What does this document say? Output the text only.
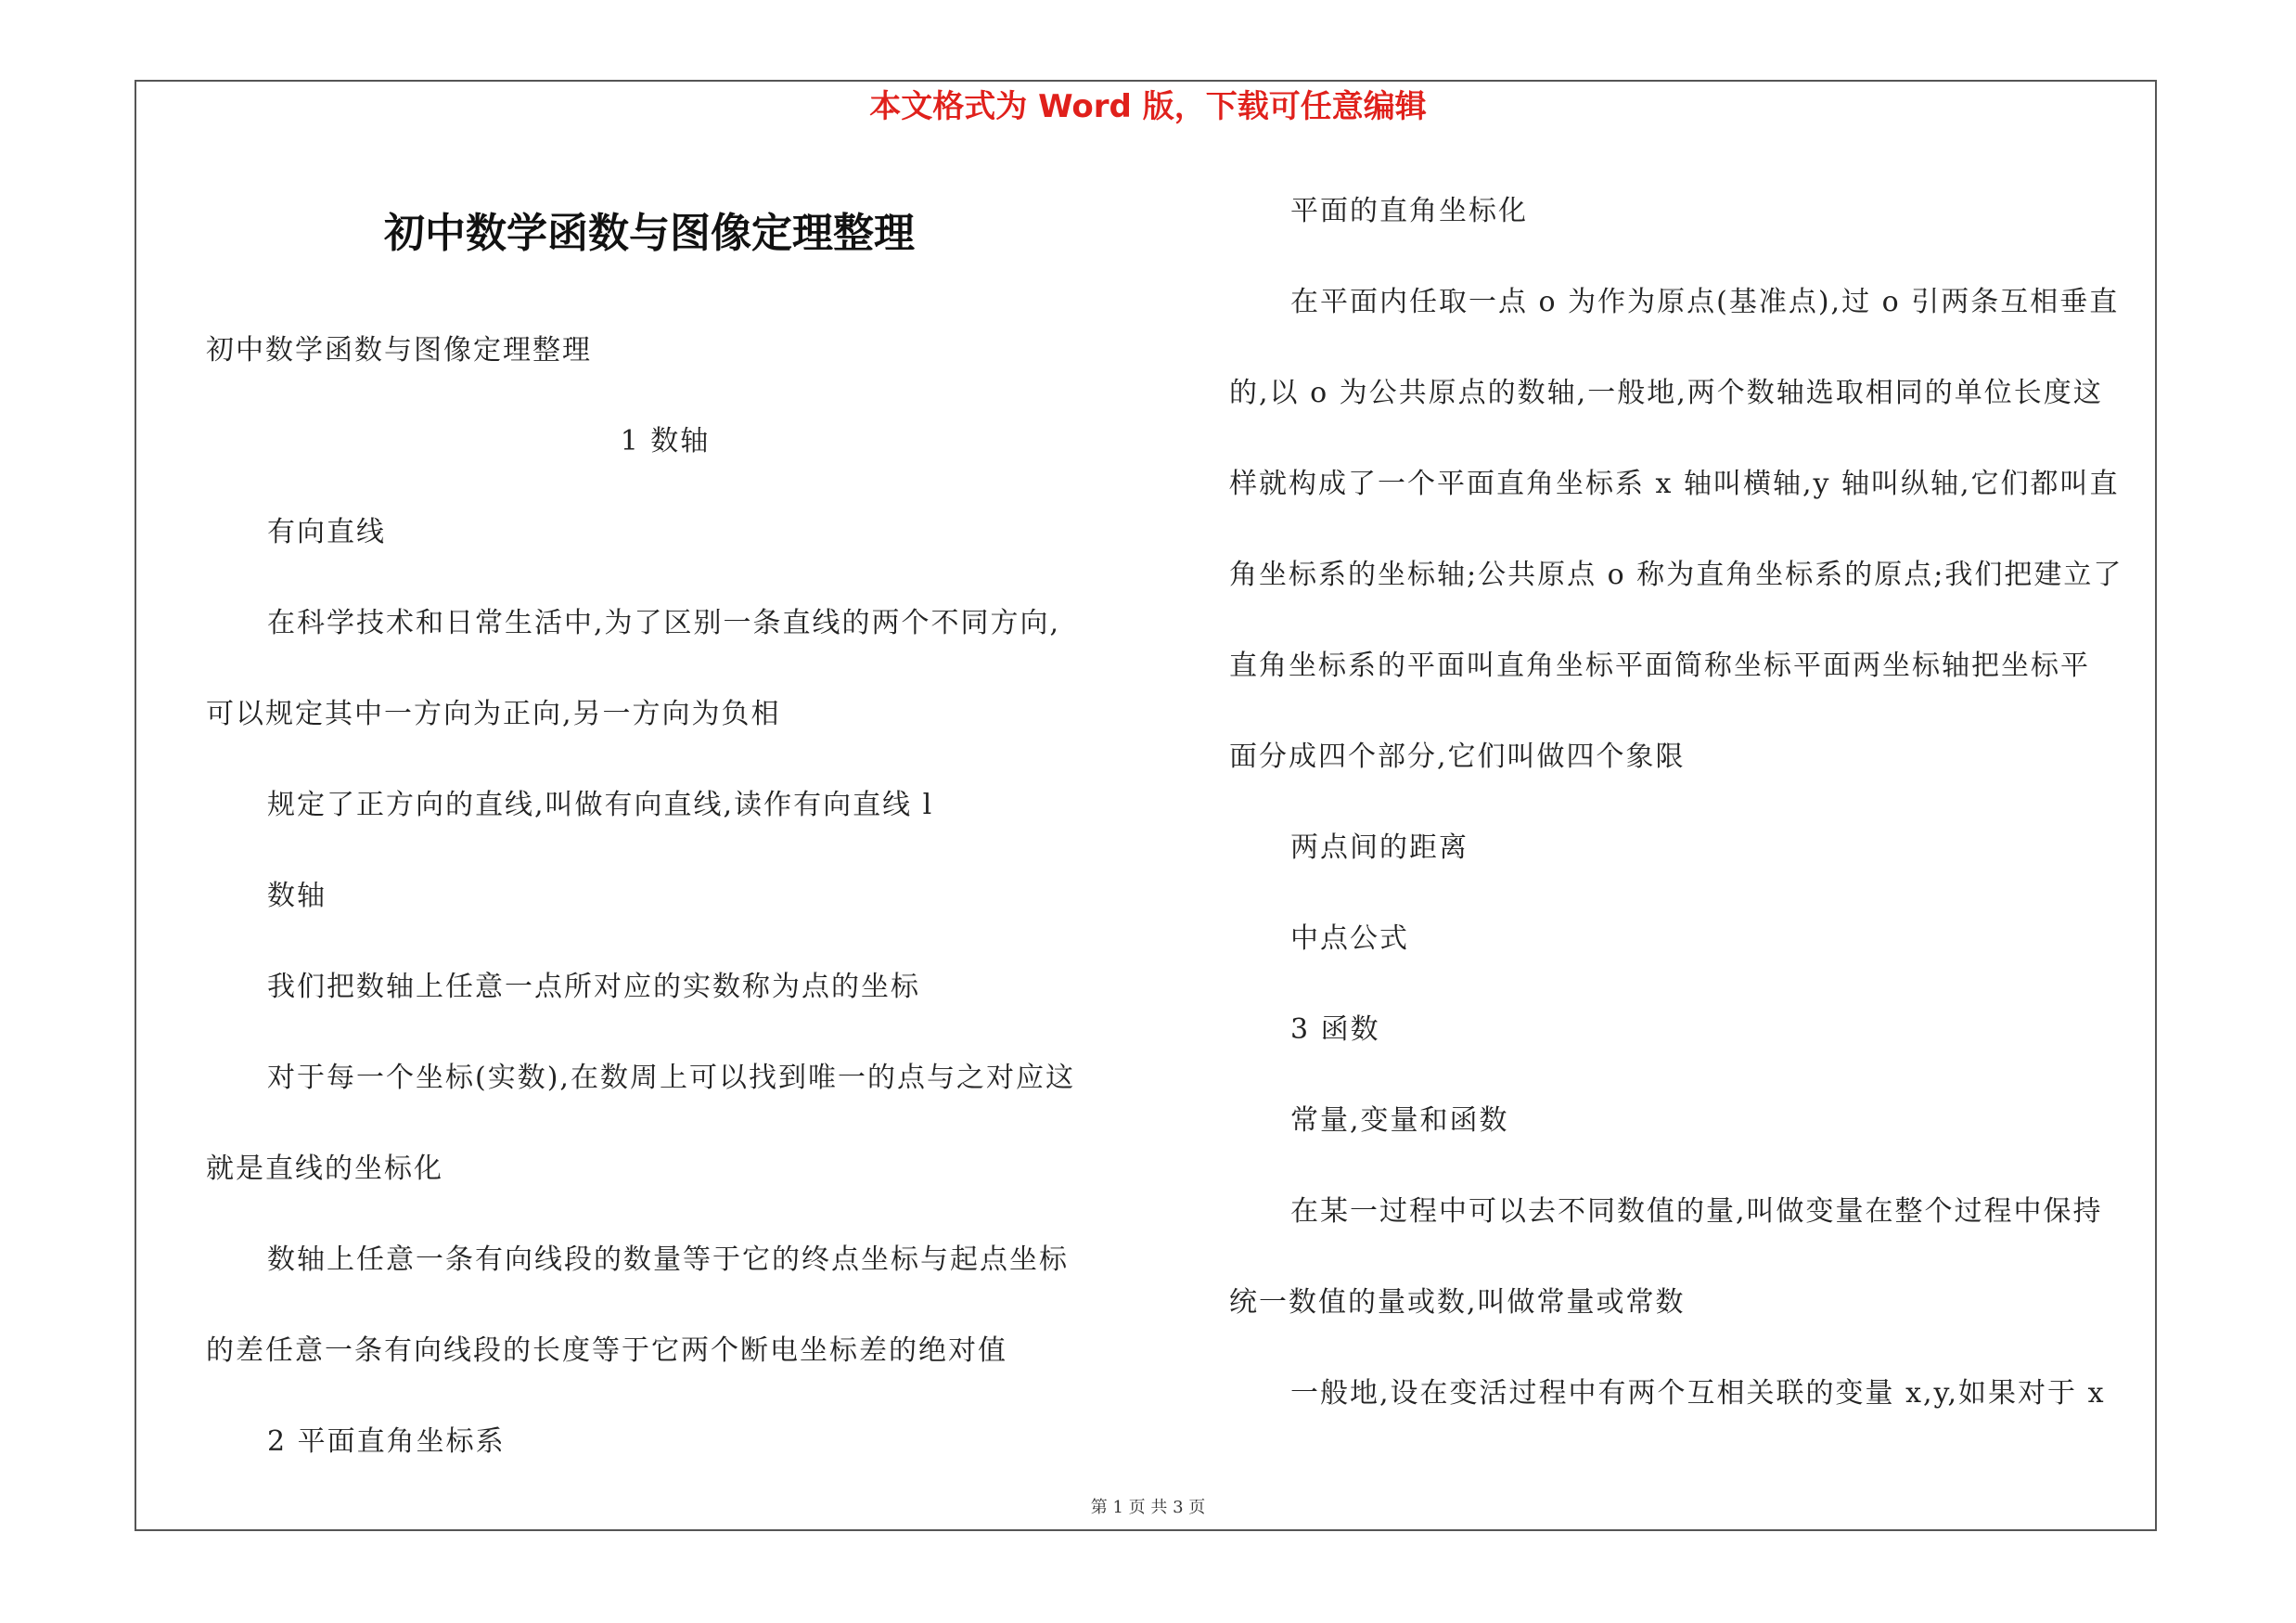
本文格式为 Word 版，下载可任意编辑
初中数学函数与图像定理整理
初中数学函数与图像定理整理
1 数轴
有向直线
在科学技术和日常生活中,为了区别一条直线的两个不同方向,
可以规定其中一方向为正向,另一方向为负相
规定了正方向的直线,叫做有向直线,读作有向直线 l
数轴
我们把数轴上任意一点所对应的实数称为点的坐标
对于每一个坐标(实数),在数周上可以找到唯一的点与之对应这
就是直线的坐标化
数轴上任意一条有向线段的数量等于它的终点坐标与起点坐标
的差任意一条有向线段的长度等于它两个断电坐标差的绝对值
2 平面直角坐标系
平面的直角坐标化
在平面内任取一点 o 为作为原点(基准点),过 o 引两条互相垂直
的,以 o 为公共原点的数轴,一般地,两个数轴选取相同的单位长度这
样就构成了一个平面直角坐标系 x 轴叫横轴,y 轴叫纵轴,它们都叫直
角坐标系的坐标轴;公共原点 o 称为直角坐标系的原点;我们把建立了
直角坐标系的平面叫直角坐标平面简称坐标平面两坐标轴把坐标平
面分成四个部分,它们叫做四个象限
两点间的距离
中点公式
3 函数
常量,变量和函数
在某一过程中可以去不同数值的量,叫做变量在整个过程中保持
统一数值的量或数,叫做常量或常数
一般地,设在变活过程中有两个互相关联的变量 x,y,如果对于 x
第 1 页 共 3 页
